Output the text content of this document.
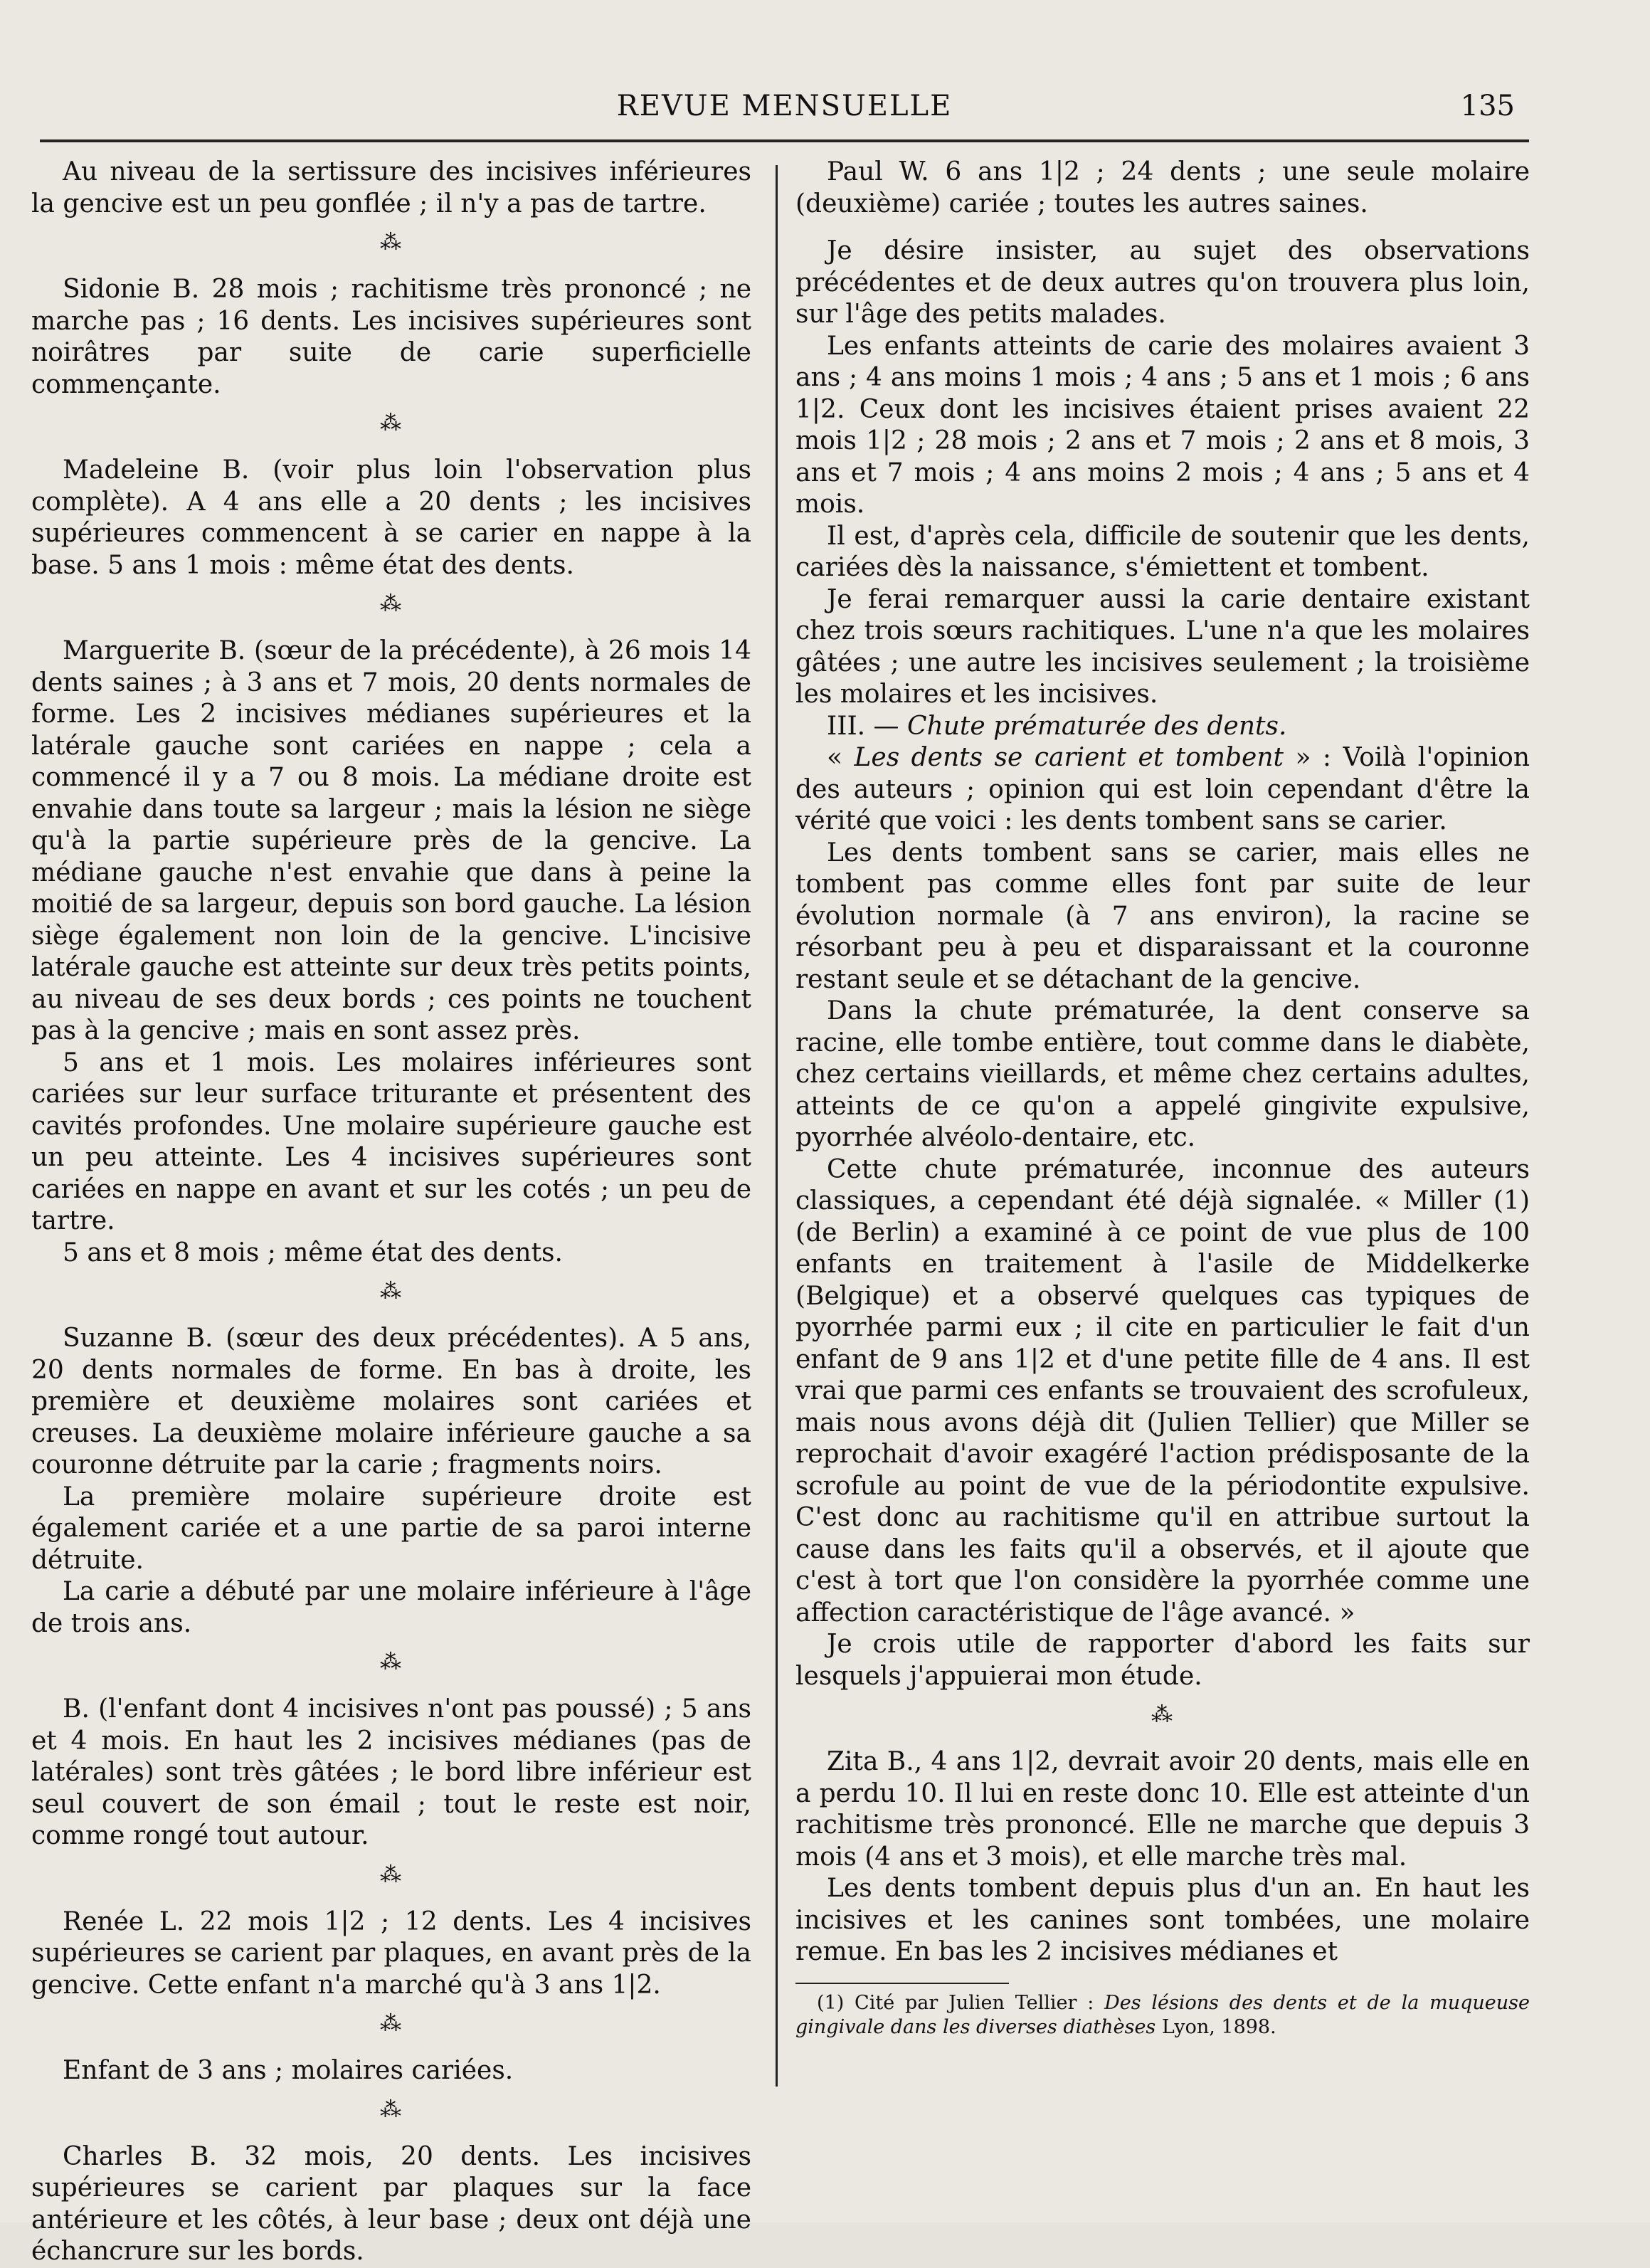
REVUE MENSUELLE	135

Au niveau de la sertissure des incisives inférieures la gencive est un peu gonflée ; il n'y a pas de tartre.

⁂

Sidonie B. 28 mois ; rachitisme très prononcé ; ne marche pas ; 16 dents. Les incisives supérieures sont noirâtres par suite de carie superficielle commençante.

⁂

Madeleine B. (voir plus loin l'observation plus complète). A 4 ans elle a 20 dents ; les incisives supérieures commencent à se carier en nappe à la base. 5 ans 1 mois : même état des dents.

⁂

Marguerite B. (sœur de la précédente), à 26 mois 14 dents saines ; à 3 ans et 7 mois, 20 dents normales de forme. Les 2 incisives médianes supérieures et la latérale gauche sont cariées en nappe ; cela a commencé il y a 7 ou 8 mois. La médiane droite est envahie dans toute sa largeur ; mais la lésion ne siège qu'à la partie supérieure près de la gencive. La médiane gauche n'est envahie que dans à peine la moitié de sa largeur, depuis son bord gauche. La lésion siège également non loin de la gencive. L'incisive latérale gauche est atteinte sur deux très petits points, au niveau de ses deux bords ; ces points ne touchent pas à la gencive ; mais en sont assez près.

5 ans et 1 mois. Les molaires inférieures sont cariées sur leur surface triturante et présentent des cavités profondes. Une molaire supérieure gauche est un peu atteinte. Les 4 incisives supérieures sont cariées en nappe en avant et sur les cotés ; un peu de tartre.

5 ans et 8 mois ; même état des dents.

⁂

Suzanne B. (sœur des deux précédentes). A 5 ans, 20 dents normales de forme. En bas à droite, les première et deuxième molaires sont cariées et creuses. La deuxième molaire inférieure gauche a sa couronne détruite par la carie ; fragments noirs.

La première molaire supérieure droite est également cariée et a une partie de sa paroi interne détruite.

La carie a débuté par une molaire inférieure à l'âge de trois ans.

⁂

B. (l'enfant dont 4 incisives n'ont pas poussé) ; 5 ans et 4 mois. En haut les 2 incisives médianes (pas de latérales) sont très gâtées ; le bord libre inférieur est seul couvert de son émail ; tout le reste est noir, comme rongé tout autour.

⁂

Renée L. 22 mois 1|2 ; 12 dents. Les 4 incisives supérieures se carient par plaques, en avant près de la gencive. Cette enfant n'a marché qu'à 3 ans 1|2.

⁂

Enfant de 3 ans ; molaires cariées.

⁂

Charles B. 32 mois, 20 dents. Les incisives supérieures se carient par plaques sur la face antérieure et les côtés, à leur base ; deux ont déjà une échancrure sur les bords.

Paul W. 6 ans 1|2 ; 24 dents ; une seule molaire (deuxième) cariée ; toutes les autres saines.

Je désire insister, au sujet des observations précédentes et de deux autres qu'on trouvera plus loin, sur l'âge des petits malades.

Les enfants atteints de carie des molaires avaient 3 ans ; 4 ans moins 1 mois ; 4 ans ; 5 ans et 1 mois ; 6 ans 1|2. Ceux dont les incisives étaient prises avaient 22 mois 1|2 ; 28 mois ; 2 ans et 7 mois ; 2 ans et 8 mois, 3 ans et 7 mois ; 4 ans moins 2 mois ; 4 ans ; 5 ans et 4 mois.

Il est, d'après cela, difficile de soutenir que les dents, cariées dès la naissance, s'émiettent et tombent.

Je ferai remarquer aussi la carie dentaire existant chez trois sœurs rachitiques. L'une n'a que les molaires gâtées ; une autre les incisives seulement ; la troisième les molaires et les incisives.

III. — Chute prématurée des dents.

« Les dents se carient et tombent » : Voilà l'opinion des auteurs ; opinion qui est loin cependant d'être la vérité que voici : les dents tombent sans se carier.

Les dents tombent sans se carier, mais elles ne tombent pas comme elles font par suite de leur évolution normale (à 7 ans environ), la racine se résorbant peu à peu et disparaissant et la couronne restant seule et se détachant de la gencive.

Dans la chute prématurée, la dent conserve sa racine, elle tombe entière, tout comme dans le diabète, chez certains vieillards, et même chez certains adultes, atteints de ce qu'on a appelé gingivite expulsive, pyorrhée alvéolo-dentaire, etc.

Cette chute prématurée, inconnue des auteurs classiques, a cependant été déjà signalée. « Miller (1) (de Berlin) a examiné à ce point de vue plus de 100 enfants en traitement à l'asile de Middelkerke (Belgique) et a observé quelques cas typiques de pyorrhée parmi eux ; il cite en particulier le fait d'un enfant de 9 ans 1|2 et d'une petite fille de 4 ans. Il est vrai que parmi ces enfants se trouvaient des scrofuleux, mais nous avons déjà dit (Julien Tellier) que Miller se reprochait d'avoir exagéré l'action prédisposante de la scrofule au point de vue de la périodontite expulsive. C'est donc au rachitisme qu'il en attribue surtout la cause dans les faits qu'il a observés, et il ajoute que c'est à tort que l'on considère la pyorrhée comme une affection caractéristique de l'âge avancé. »

Je crois utile de rapporter d'abord les faits sur lesquels j'appuierai mon étude.

⁂

Zita B., 4 ans 1|2, devrait avoir 20 dents, mais elle en a perdu 10. Il lui en reste donc 10. Elle est atteinte d'un rachitisme très prononcé. Elle ne marche que depuis 3 mois (4 ans et 3 mois), et elle marche très mal.

Les dents tombent depuis plus d'un an. En haut les incisives et les canines sont tombées, une molaire remue. En bas les 2 incisives médianes et

(1) Cité par Julien Tellier : Des lésions des dents et de la muqueuse gingivale dans les diverses diathèses Lyon, 1898.
